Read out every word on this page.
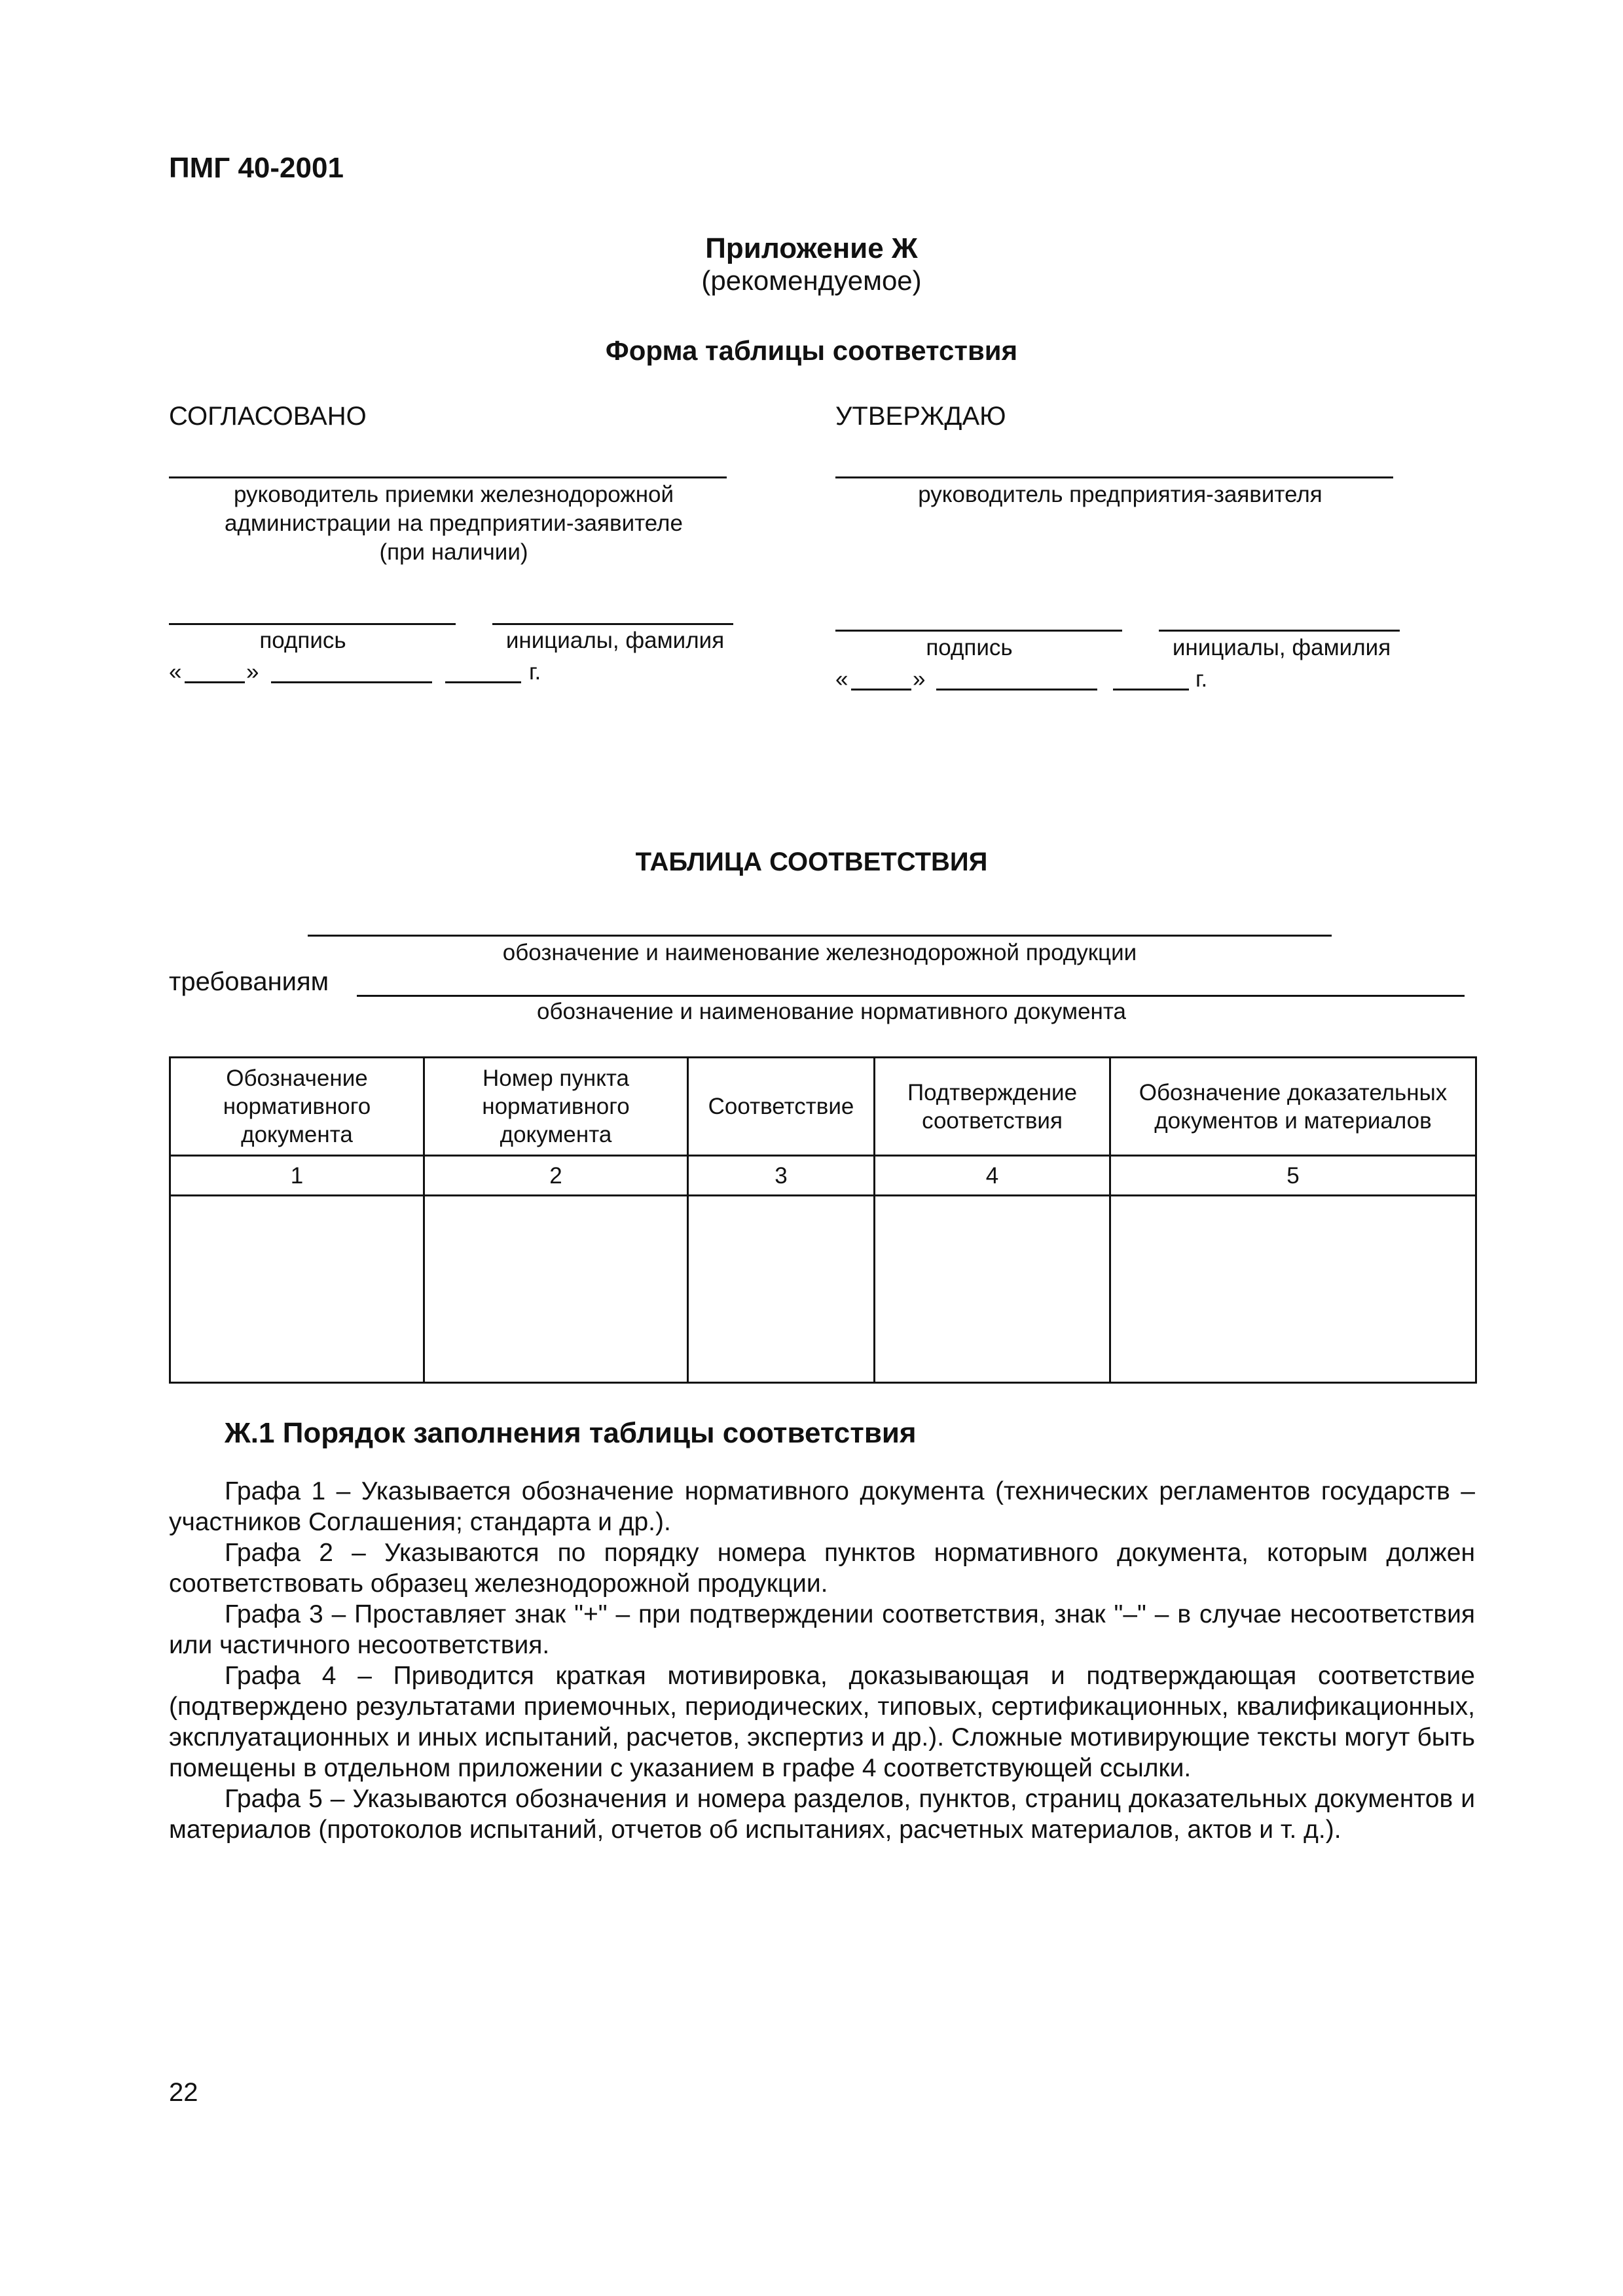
ПМГ 40-2001
Приложение Ж
(рекомендуемое)
Форма таблицы соответствия
СОГЛАСОВАНО
руководитель приемки железнодорожной
администрации на предприятии-заявителе
(при наличии)
подпись	инициалы, фамилия
«	»	г.
УТВЕРЖДАЮ
руководитель предприятия-заявителя
подпись	инициалы, фамилия
«	»	г.
ТАБЛИЦА СООТВЕТСТВИЯ
обозначение и наименование железнодорожной продукции
требованиям
обозначение и наименование нормативного документа
Обозначение нормативного документа	Номер пункта нормативного документа	Соответствие	Подтверждение соответствия	Обозначение доказательных документов и материалов
1	2	3	4	5

Ж.1 Порядок заполнения таблицы соответствия

Графа 1 – Указывается обозначение нормативного документа (технических регламентов государств – участников Соглашения; стандарта и др.).

Графа 2 – Указываются по порядку номера пунктов нормативного документа, которым должен соответствовать образец железнодорожной продукции.

Графа 3 – Проставляет знак "+" – при подтверждении соответствия, знак "–" – в случае несоответствия или частичного несоответствия.

Графа 4 – Приводится краткая мотивировка, доказывающая и подтверждающая соответствие (подтверждено результатами приемочных, периодических, типовых, сертификационных, квалификационных, эксплуатационных и иных испытаний, расчетов, экспертиз и др.). Сложные мотивирующие тексты могут быть помещены в отдельном приложении с указанием в графе 4 соответствующей ссылки.

Графа 5 – Указываются обозначения и номера разделов, пунктов, страниц доказательных документов и материалов (протоколов испытаний, отчетов об испытаниях, расчетных материалов, актов и т. д.).

22
